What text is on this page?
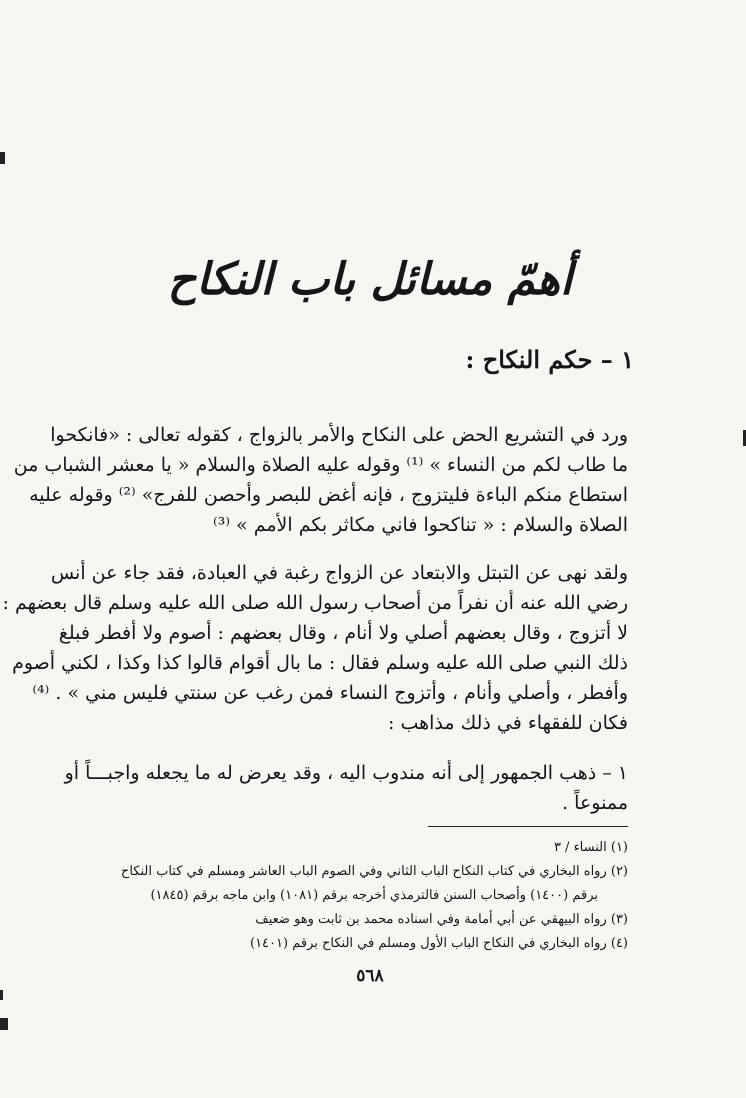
أهمّ مسائل باب النكاح
١ – حكم النكاح :
ورد في التشريع الحض على النكاح والأمر بالزواج ، كقوله تعالى : «فانكحوا
ما طاب لكم من النساء » ⁽¹⁾ وقوله عليه الصلاة والسلام « يا معشر الشباب من
استطاع منكم الباءة فليتزوج ، فإنه أغض للبصر وأحصن للفرج» ⁽²⁾ وقوله عليه
الصلاة والسلام : « تناكحوا فاني مكاثر بكم الأمم » ⁽³⁾
ولقد نهى عن التبتل والابتعاد عن الزواج رغبة في العبادة، فقد جاء عن أنس
رضي الله عنه أن نفراً من أصحاب رسول الله صلى الله عليه وسلم قال بعضهم :
لا أتزوج ، وقال بعضهم أصلي ولا أنام ، وقال بعضهم : أصوم ولا أفطر فبلغ
ذلك النبي صلى الله عليه وسلم فقال : ما بال أقوام قالوا كذا وكذا ، لكني أصوم
وأفطر ، وأصلي وأنام ، وأتزوج النساء فمن رغب عن سنتي فليس مني » . ⁽⁴⁾
فكان للفقهاء في ذلك مذاهب :
١ – ذهب الجمهور إلى أنه مندوب اليه ، وقد يعرض له ما يجعله واجبـــاً أو
ممنوعاً .
(١) النساء / ٣
(٢) رواه البخاري في كتاب النكاح الباب الثاني وفي الصوم الباب العاشر ومسلم في كتاب النكاح
برقم (١٤٠٠) وأصحاب السنن فالترمذي أخرجه برقم (١٠٨١) وابن ماجه برقم (١٨٤٥)
(٣) رواه البيهقي عن أبي أمامة وفي اسناده محمد بن ثابت وهو ضعيف
(٤) رواه البخاري في النكاح الباب الأول ومسلم في النكاح برقم (١٤٠١)
٥٦٨
